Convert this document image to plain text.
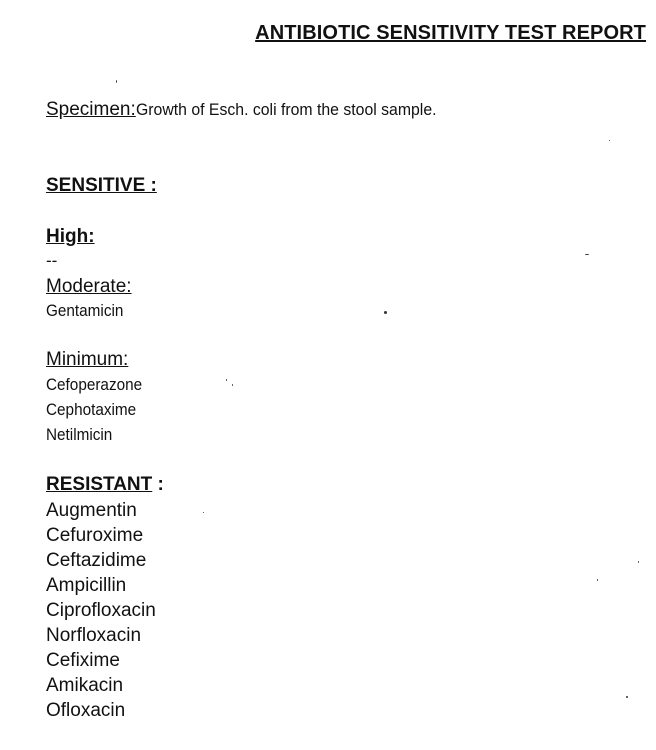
ANTIBIOTIC SENSITIVITY TEST REPORT
Specimen:Growth of Esch. coli from the stool sample.
SENSITIVE :
High:
--
Moderate:
Gentamicin
Minimum:
Cefoperazone
Cephotaxime
Netilmicin
RESISTANT :
Augmentin
Cefuroxime
Ceftazidime
Ampicillin
Ciprofloxacin
Norfloxacin
Cefixime
Amikacin
Ofloxacin
